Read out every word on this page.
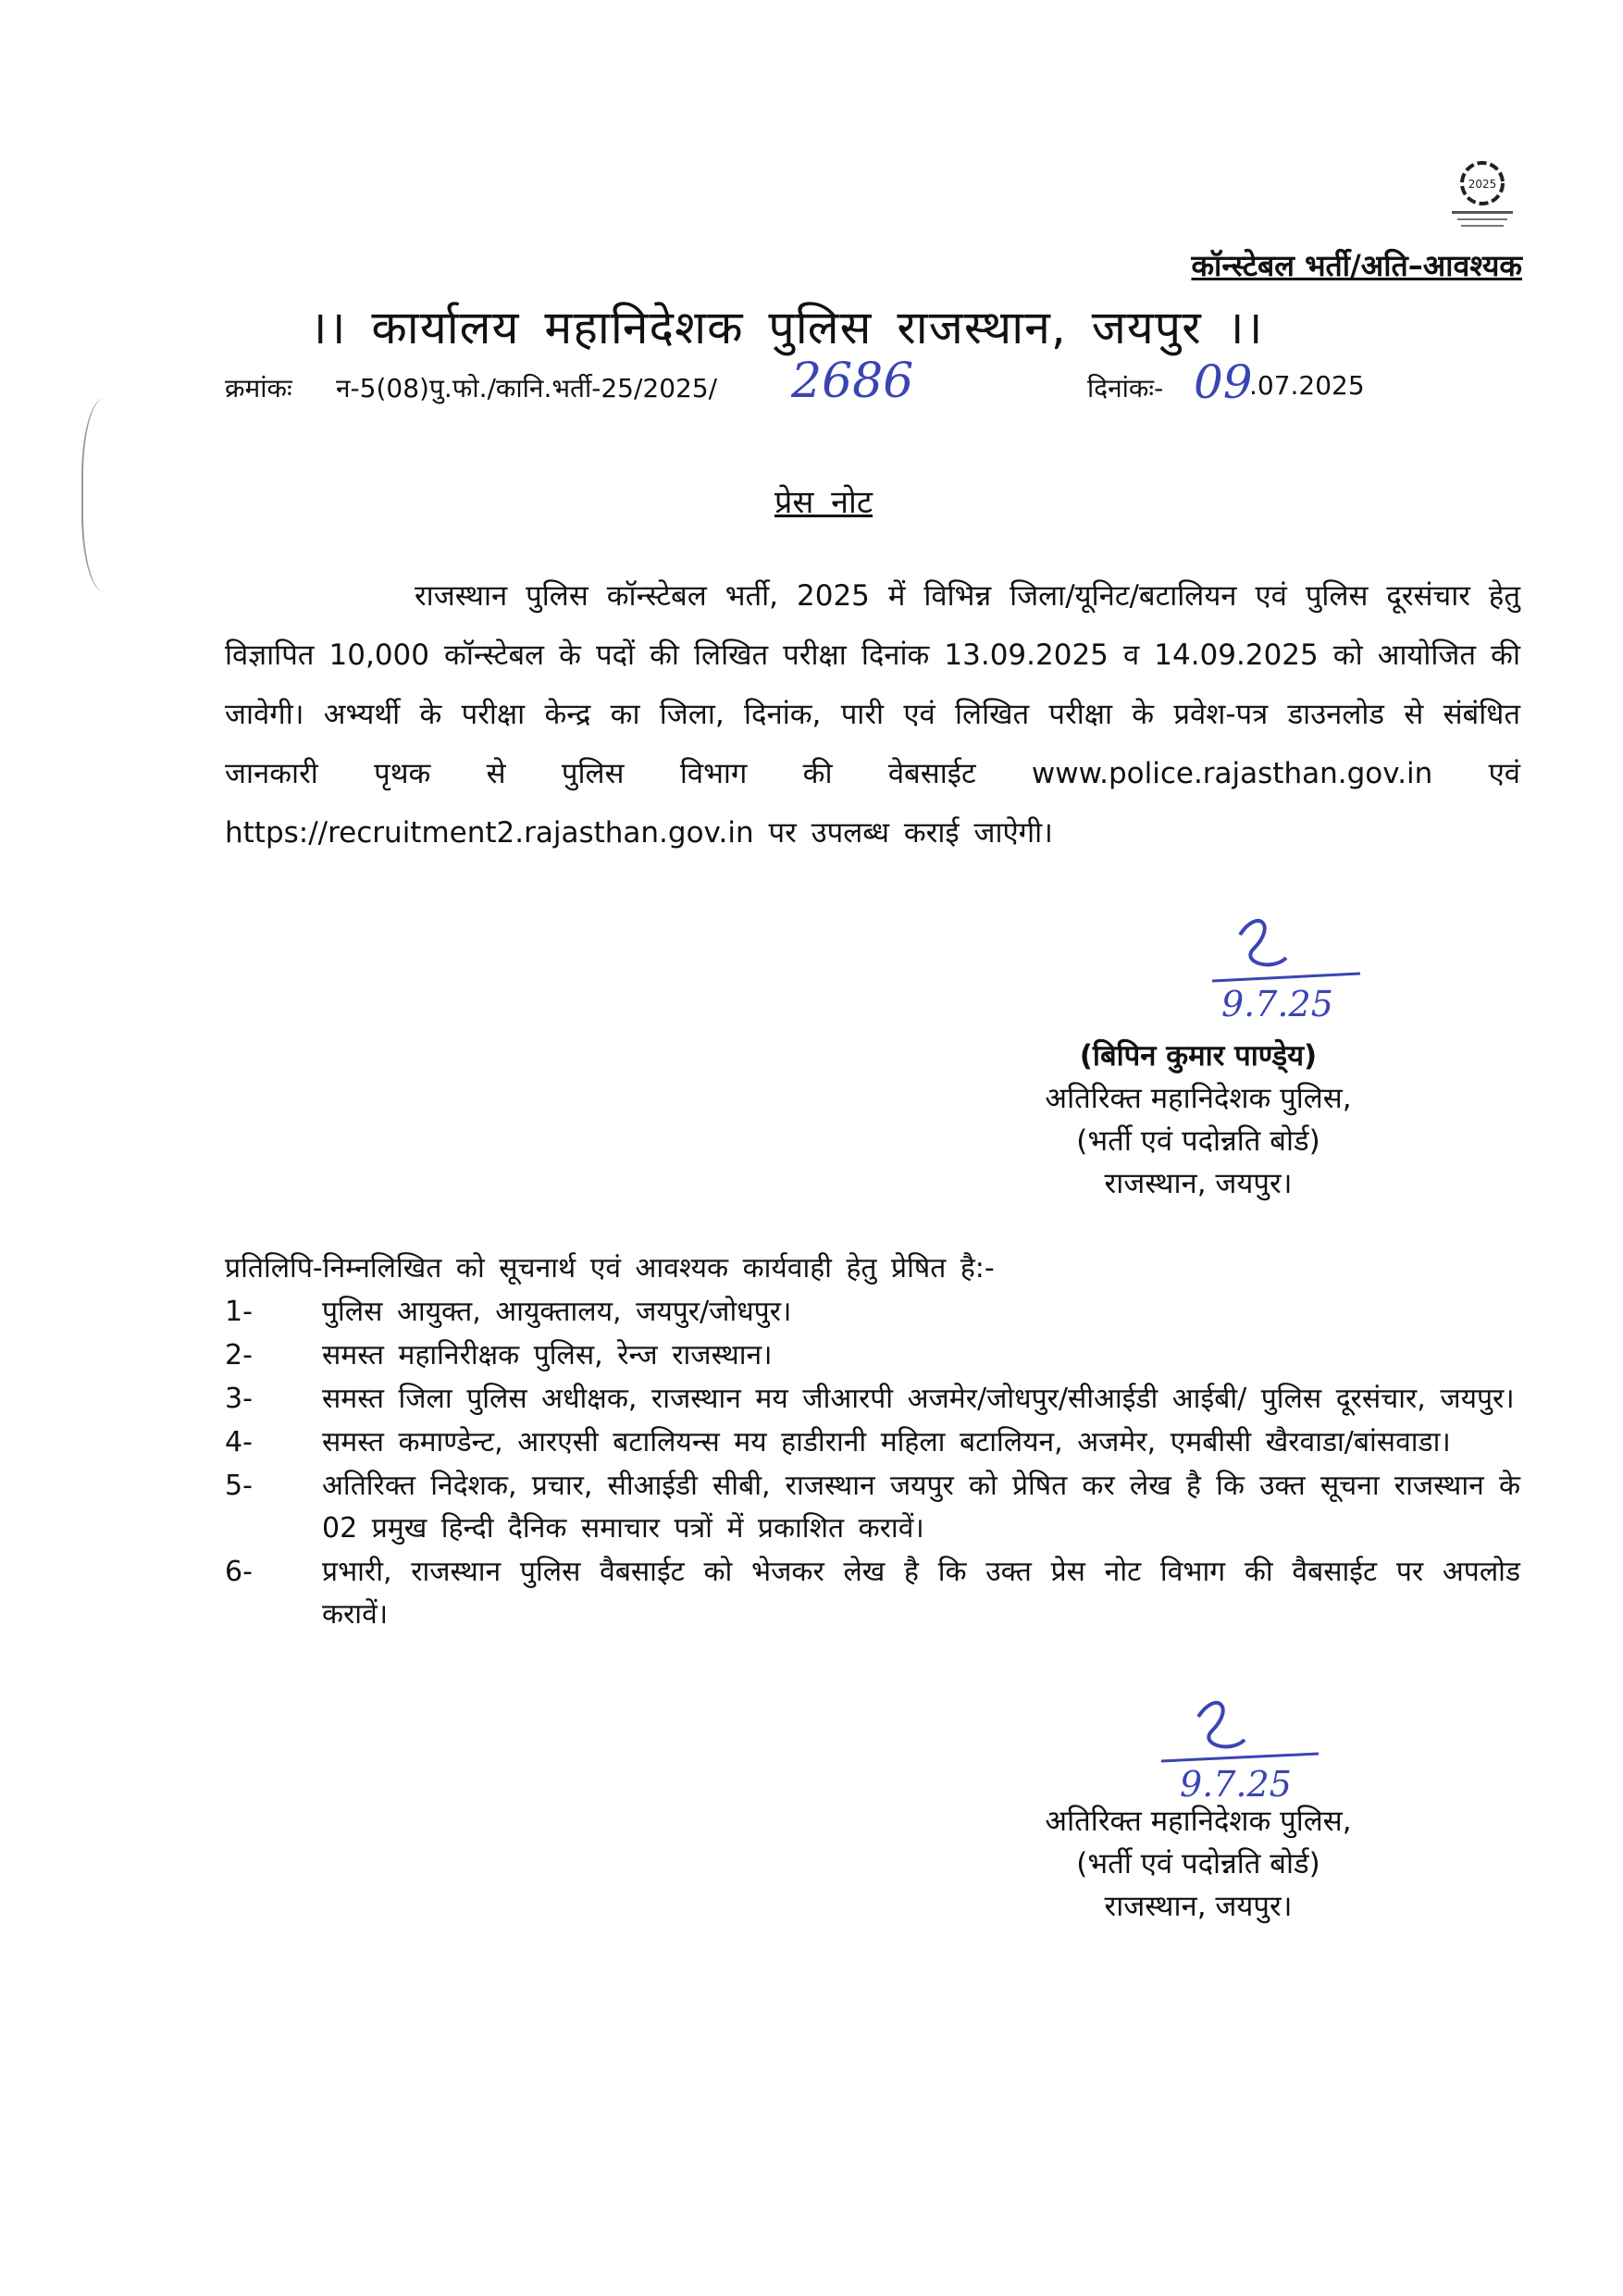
2025
कॉन्स्टेबल भर्ती/अति–आवश्यक
।। कार्यालय महानिदेशक पुलिस राजस्थान, जयपुर ।।
क्रमांकः न-5(08)पु.फो./कानि.भर्ती-25/2025/ 2686	दिनांकः- 09
.07.2025
प्रेस नोट
राजस्थान पुलिस कॉन्स्टेबल भर्ती, 2025 में विभिन्न जिला/यूनिट/बटालियन एवं पुलिस दूरसंचार हेतु विज्ञापित 10,000 कॉन्स्टेबल के पदों की लिखित परीक्षा दिनांक 13.09.2025 व 14.09.2025 को आयोजित की जावेगी। अभ्यर्थी के परीक्षा केन्द्र का जिला, दिनांक, पारी एवं लिखित परीक्षा के प्रवेश-पत्र डाउनलोड से संबंधित जानकारी पृथक से पुलिस विभाग की वेबसाईट www.police.rajasthan.gov.in एवं https://recruitment2.rajasthan.gov.in पर उपलब्ध कराई जाऐगी।
9.7.25
(बिपिन कुमार पाण्डे्य)
अतिरिक्त महानिदेशक पुलिस,
(भर्ती एवं पदोन्नति बोर्ड)
राजस्थान, जयपुर।
प्रतिलिपि-निम्नलिखित को सूचनार्थ एवं आवश्यक कार्यवाही हेतु प्रेषित है:-
1-	पुलिस आयुक्त, आयुक्तालय, जयपुर/जोधपुर।
2-	समस्त महानिरीक्षक पुलिस, रेन्ज राजस्थान।
3-	समस्त जिला पुलिस अधीक्षक, राजस्थान मय जीआरपी अजमेर/जोधपुर/सीआईडी आईबी/ पुलिस दूरसंचार, जयपुर।
4-	समस्त कमाण्डेन्ट, आरएसी बटालियन्स मय हाडीरानी महिला बटालियन, अजमेर, एमबीसी खैरवाडा/बांसवाडा।
5-	अतिरिक्त निदेशक, प्रचार, सीआईडी सीबी, राजस्थान जयपुर को प्रेषित कर लेख है कि उक्त सूचना राजस्थान के 02 प्रमुख हिन्दी दैनिक समाचार पत्रों में प्रकाशित करावें।
6-	प्रभारी, राजस्थान पुलिस वैबसाईट को भेजकर लेख है कि उक्त प्रेस नोट विभाग की वैबसाईट पर अपलोड करावें।
9.7.25
अतिरिक्त महानिदेशक पुलिस,
(भर्ती एवं पदोन्नति बोर्ड)
राजस्थान, जयपुर।
